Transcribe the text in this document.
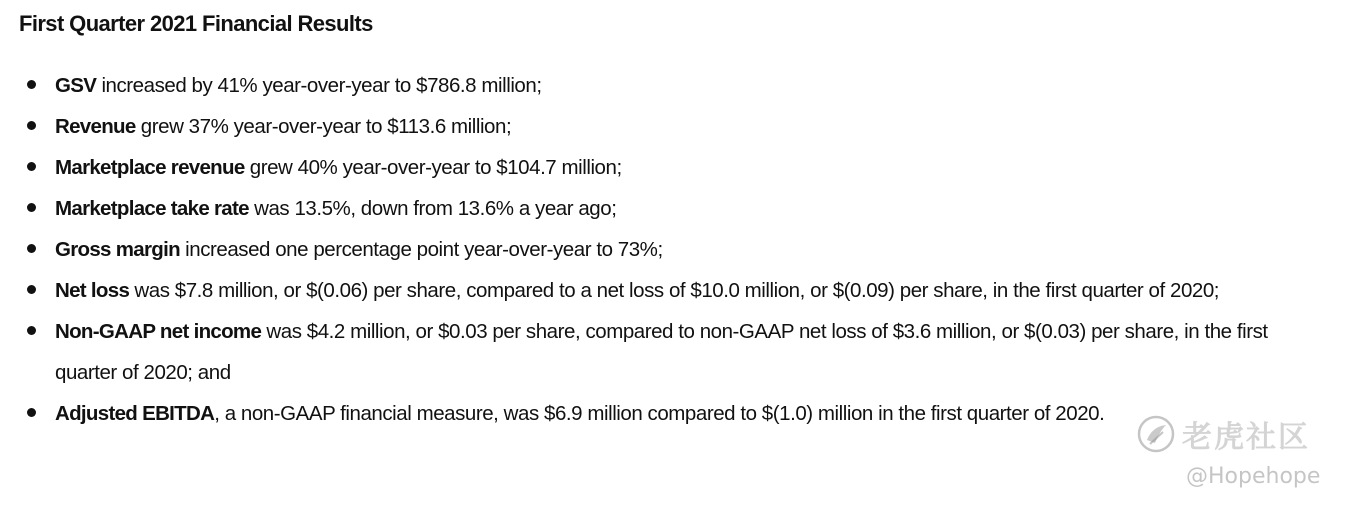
First Quarter 2021 Financial Results
GSV increased by 41% year-over-year to $786.8 million;
Revenue grew 37% year-over-year to $113.6 million;
Marketplace revenue grew 40% year-over-year to $104.7 million;
Marketplace take rate was 13.5%, down from 13.6% a year ago;
Gross margin increased one percentage point year-over-year to 73%;
Net loss was $7.8 million, or $(0.06) per share, compared to a net loss of $10.0 million, or $(0.09) per share, in the first quarter of 2020;
Non-GAAP net income was $4.2 million, or $0.03 per share, compared to non-GAAP net loss of $3.6 million, or $(0.03) per share, in the first quarter of 2020; and
Adjusted EBITDA, a non-GAAP financial measure, was $6.9 million compared to $(1.0) million in the first quarter of 2020.
老虎社区
@Hopehope
